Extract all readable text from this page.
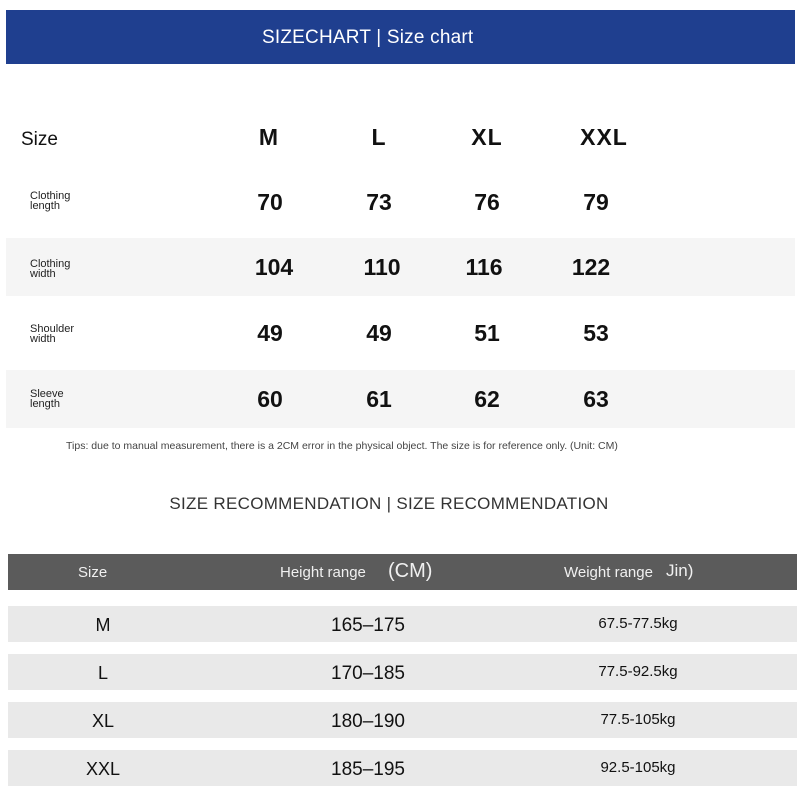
SIZECHART | Size chart
Size	M	L	XL	XXL
Clothing
length	70	73	76	79
Clothing
width	104	110	116	122
Shoulder
width	49	49	51	53
Sleeve
length	60	61	62	63
Tips: due to manual measurement, there is a 2CM error in the physical object. The size is for reference only. (Unit: CM)
SIZE RECOMMENDATION | SIZE RECOMMENDATION
Size	Height range (CM)	Weight range Jin)
M	165–175	67.5-77.5kg
L	170–185	77.5-92.5kg
XL	180–190	77.5-105kg
XXL	185–195	92.5-105kg
